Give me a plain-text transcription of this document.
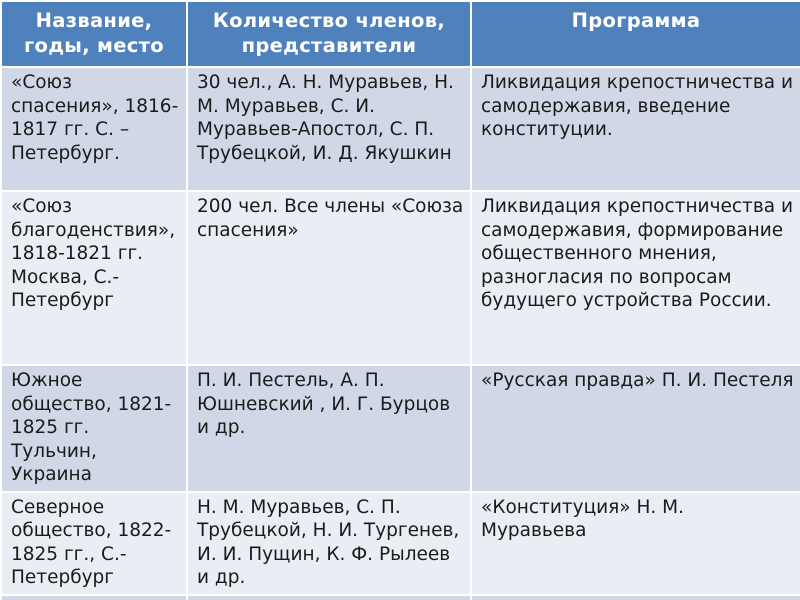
Название, годы, место	Количество членов, представители	Программа
«Союз спасения», 1816-1817 гг. С. – Петербург.	30 чел., А. Н. Муравьев, Н. М. Муравьев, С. И. Муравьев-Апостол, С. П. Трубецкой, И. Д. Якушкин	Ликвидация крепостничества и самодержавия, введение конституции.
«Союз благоденствия», 1818-1821 гг. Москва, С.-Петербург	200 чел. Все члены «Союза спасения»	Ликвидация крепостничества и самодержавия, формирование общественного мнения, разногласия по вопросам будущего устройства России.
Южное общество, 1821-1825 гг. Тульчин, Украина	П. И. Пестель, А. П. Юшневский , И. Г. Бурцов и др.	«Русская правда» П. И. Пестеля
Северное общество, 1822-1825 гг., С.-Петербург	Н. М. Муравьев, С. П. Трубецкой, Н. И. Тургенев, И. И. Пущин, К. Ф. Рылеев и др.	«Конституция» Н. М. Муравьева
